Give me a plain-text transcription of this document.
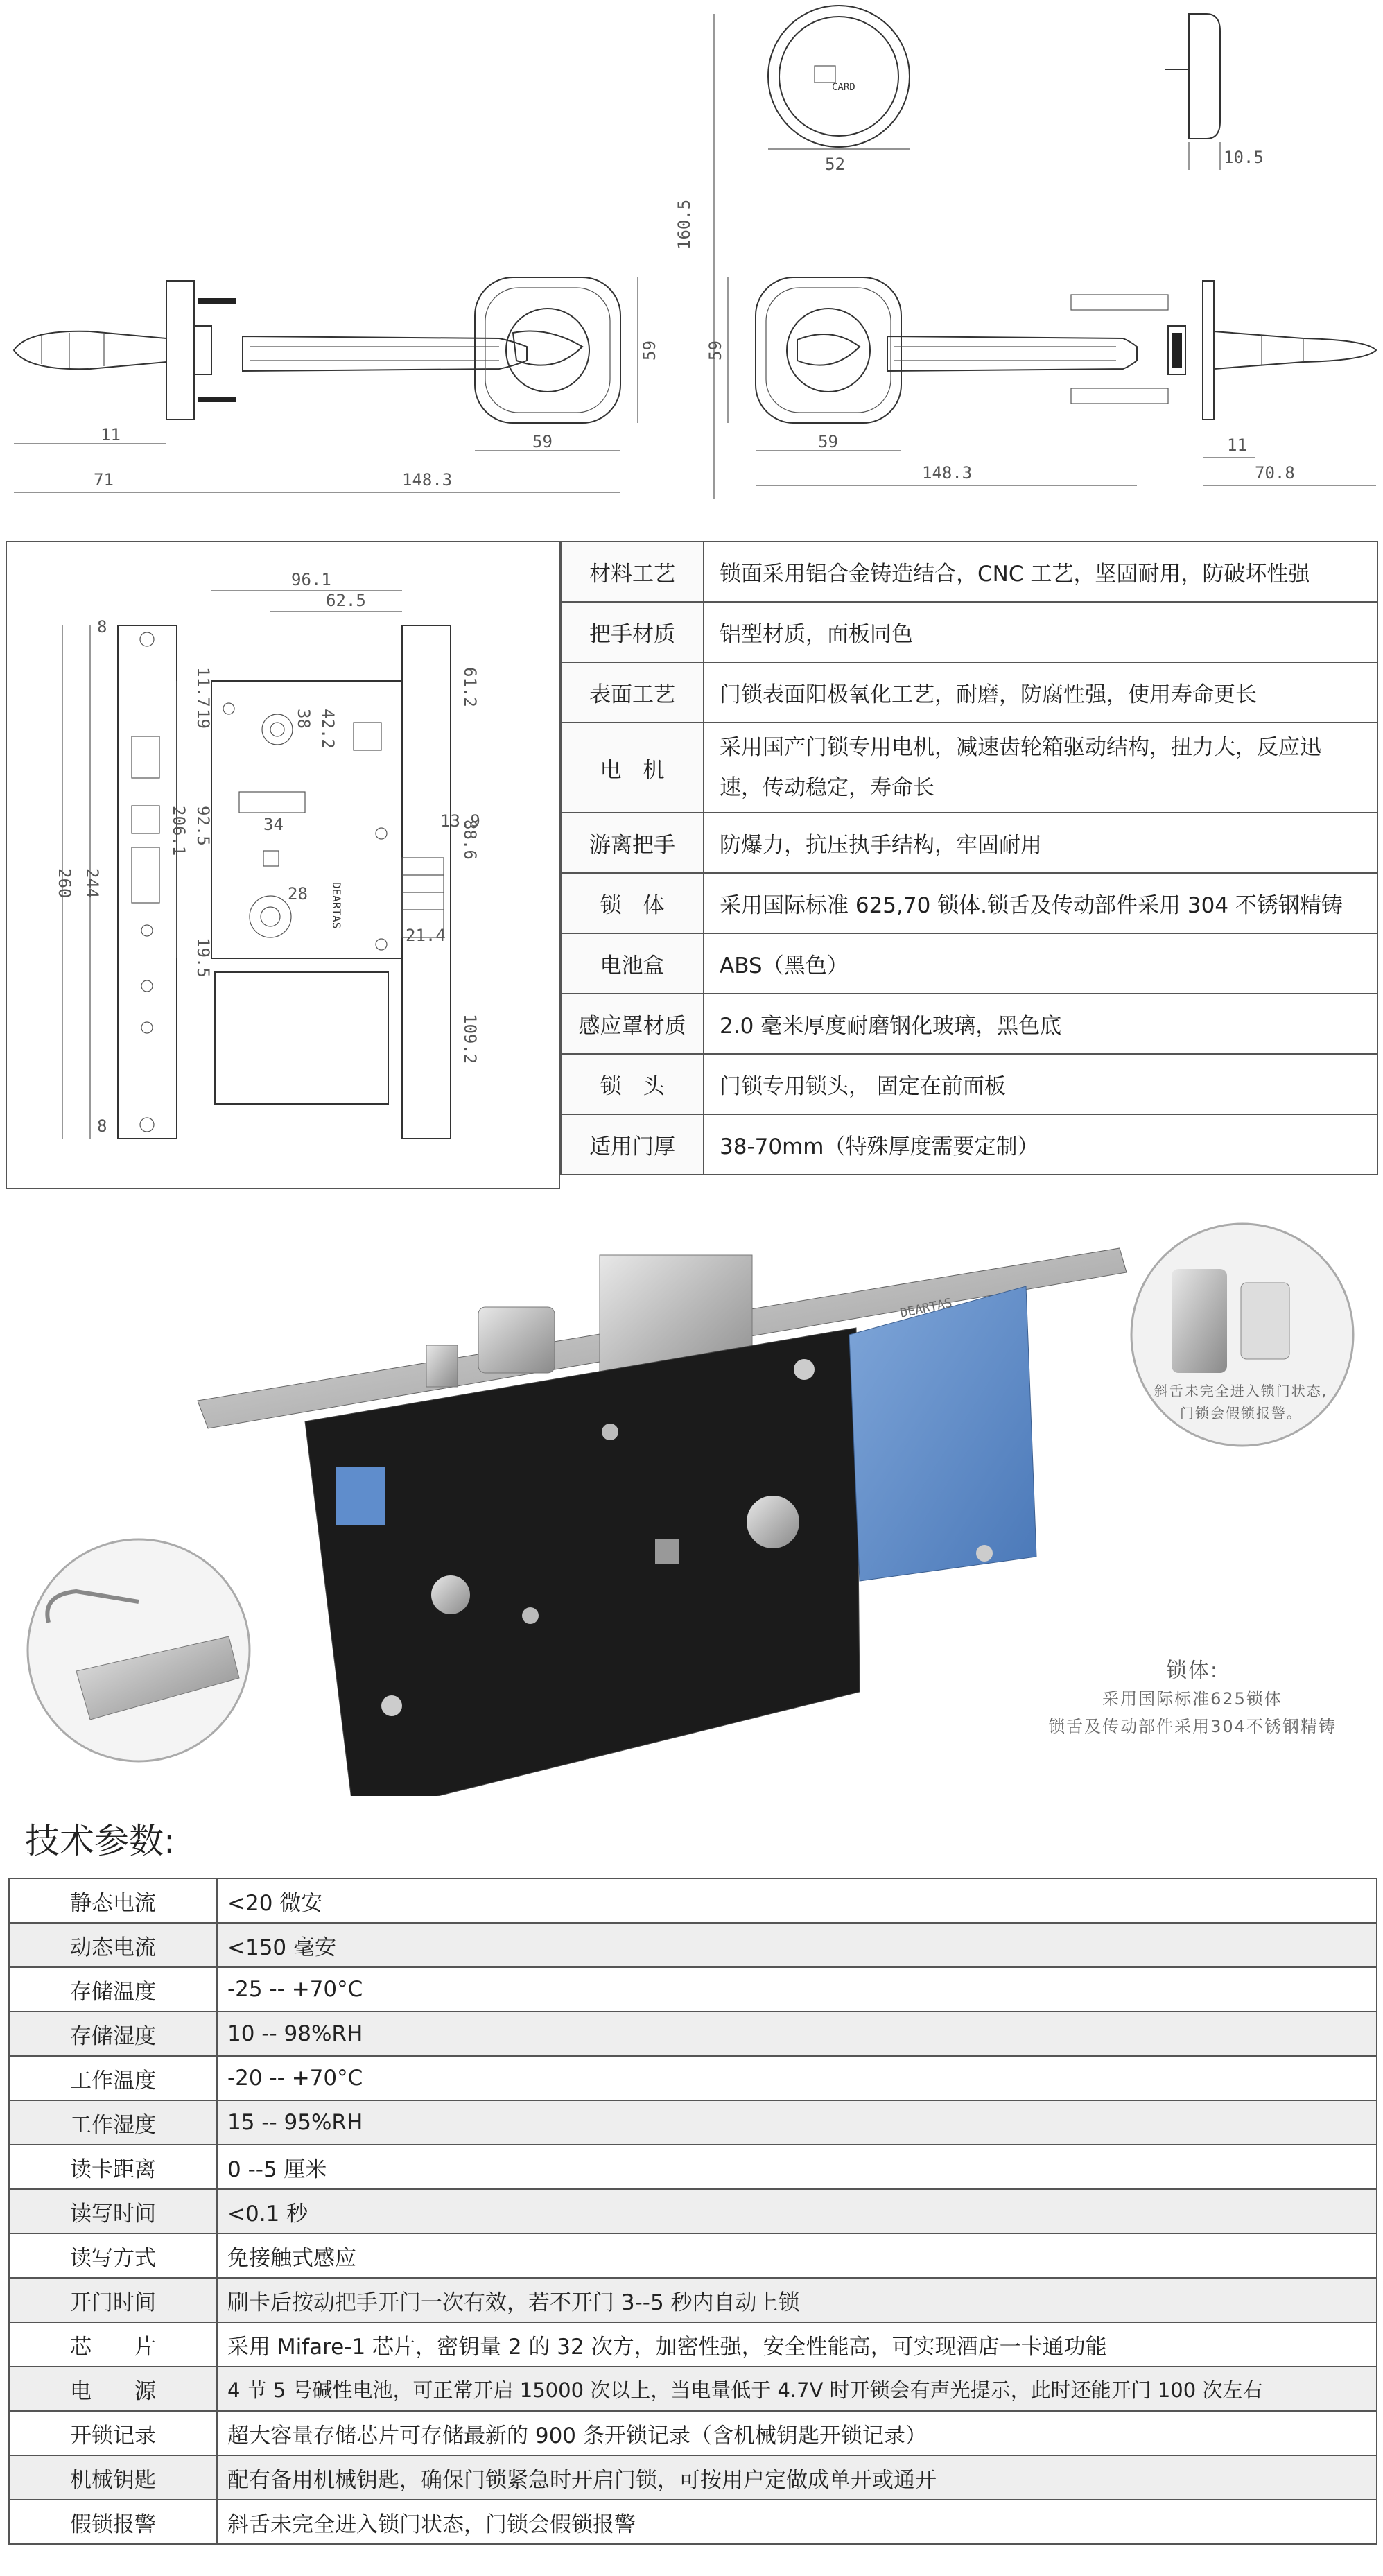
CARD
52	10.5
160.5
11
71
59
148.3
59	59
59
148.3
11
70.8
DEARTAS
96.1
62.5
11.7	61.2
42.2
19	38
34
92.5
206.1
244
260
13.9
88.6
28
19.5
21.4
109.2
8
8
材料工艺	锁面采用铝合金铸造结合，CNC 工艺，坚固耐用，防破坏性强
把手材质	铝型材质，面板同色
表面工艺	门锁表面阳极氧化工艺，耐磨，防腐性强，使用寿命更长
电　机	采用国产门锁专用电机，减速齿轮箱驱动结构，扭力大，反应迅速，传动稳定，寿命长
游离把手	防爆力，抗压执手结构，牢固耐用
锁　体	采用国际标准 625,70 锁体.锁舌及传动部件采用 304 不锈钢精铸
电池盒	ABS（黑色）
感应罩材质	2.0 毫米厚度耐磨钢化玻璃，黑色底
锁　头	门锁专用锁头， 固定在前面板
适用门厚	38-70mm（特殊厚度需要定制）
DEARTAS
斜舌未完全进入锁门状态,
门锁会假锁报警。
锁体:
采用国际标准625锁体
锁舌及传动部件采用304不锈钢精铸
技术参数:
静态电流	<20 微安
动态电流	<150 毫安
存储温度	-25 -- +70°C
存储湿度	10 -- 98%RH
工作温度	-20 -- +70°C
工作湿度	15 -- 95%RH
读卡距离	0 --5 厘米
读写时间	<0.1 秒
读写方式	免接触式感应
开门时间	刷卡后按动把手开门一次有效，若不开门 3--5 秒内自动上锁
芯　　片	采用 Mifare-1 芯片，密钥量 2 的 32 次方，加密性强，安全性能高，可实现酒店一卡通功能
电　　源	4 节 5 号碱性电池，可正常开启 15000 次以上，当电量低于 4.7V 时开锁会有声光提示，此时还能开门 100 次左右
开锁记录	超大容量存储芯片可存储最新的 900 条开锁记录（含机械钥匙开锁记录）
机械钥匙	配有备用机械钥匙，确保门锁紧急时开启门锁，可按用户定做成单开或通开
假锁报警	斜舌未完全进入锁门状态，门锁会假锁报警
